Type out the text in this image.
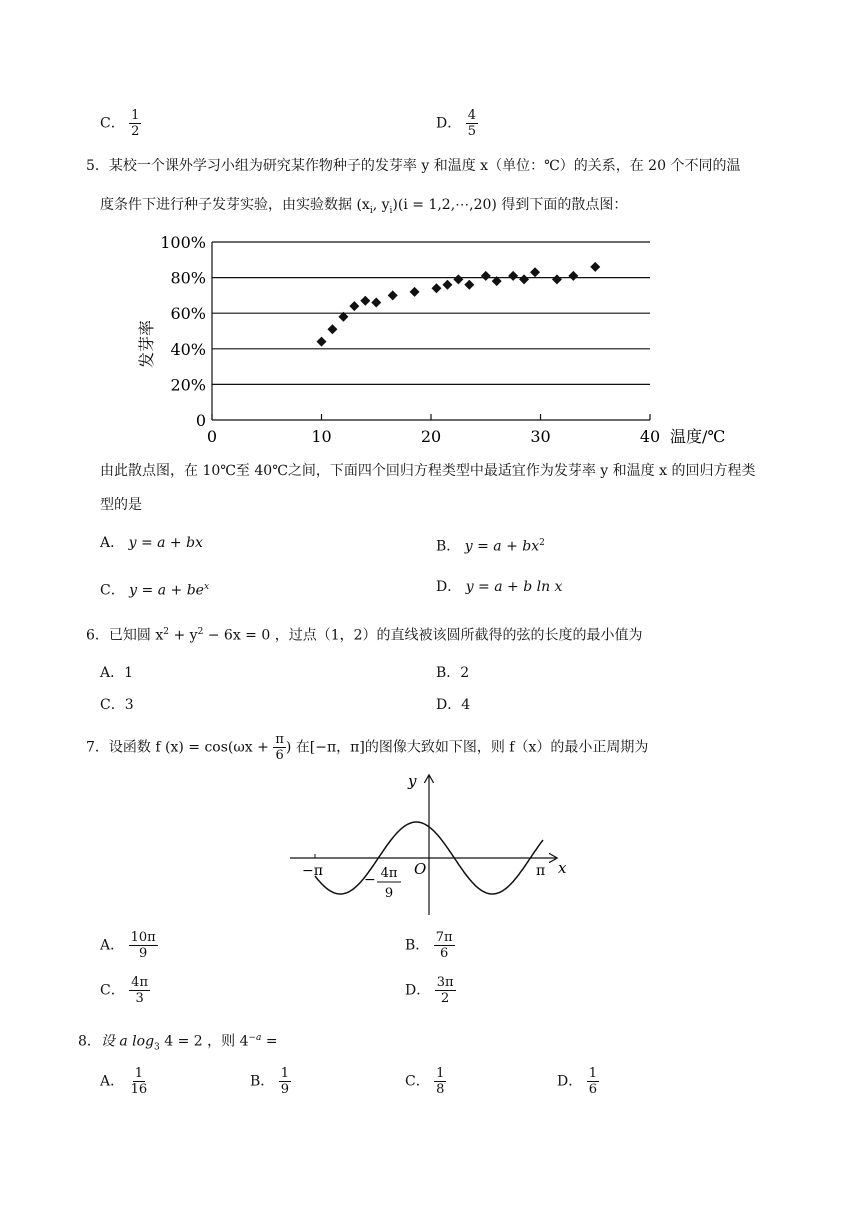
C． $\frac{1}{2}$	D． $\frac{4}{5}$
5．某校一个课外学习小组为研究某作物种子的发芽率 y 和温度 x（单位：℃）的关系，在 20 个不同的温
度条件下进行种子发芽实验，由实验数据 ($x_i$, $y_i)(i$ = 1,2,⋯,20) 得到下面的散点图：
0
20%
40%
60%
80%
100%
0	10	20	30	40
发芽率
温度/℃
由此散点图，在 10℃至 40℃之间，下面四个回归方程类型中最适宜作为发芽率 y 和温度 x 的回归方程类
型的是
A． y = a + bx	B． $y = a + bx^2$
C． $y = a + be^x$	D． y = a + b ln x
6．已知圆 $x^2 + y^2 - 6x = 0$ ，过点（1，2）的直线被该圆所截得的弦的长度的最小值为
A．1	B．2
C．3	D．4
7．设函数 f $(x) = \cos(\omega x + \frac{\pi}{6}$ ) 在[−π，π]的图像大致如下图，则 f（x）的最小正周期为
y
x
O
−π	π
− 4π
9
A． $\frac{10\pi}{9}$	B． $\frac{7\pi}{6}$
C． $\frac{4\pi}{3}$	D． $\frac{3\pi}{2}$
8．设 a $\log_3 4 = 2$ ，则 $4^{-a}$ =
A． $\frac{1}{16}$	B． $\frac{1}{9}$	C． $\frac{1}{8}$	D． $\frac{1}{6}$
